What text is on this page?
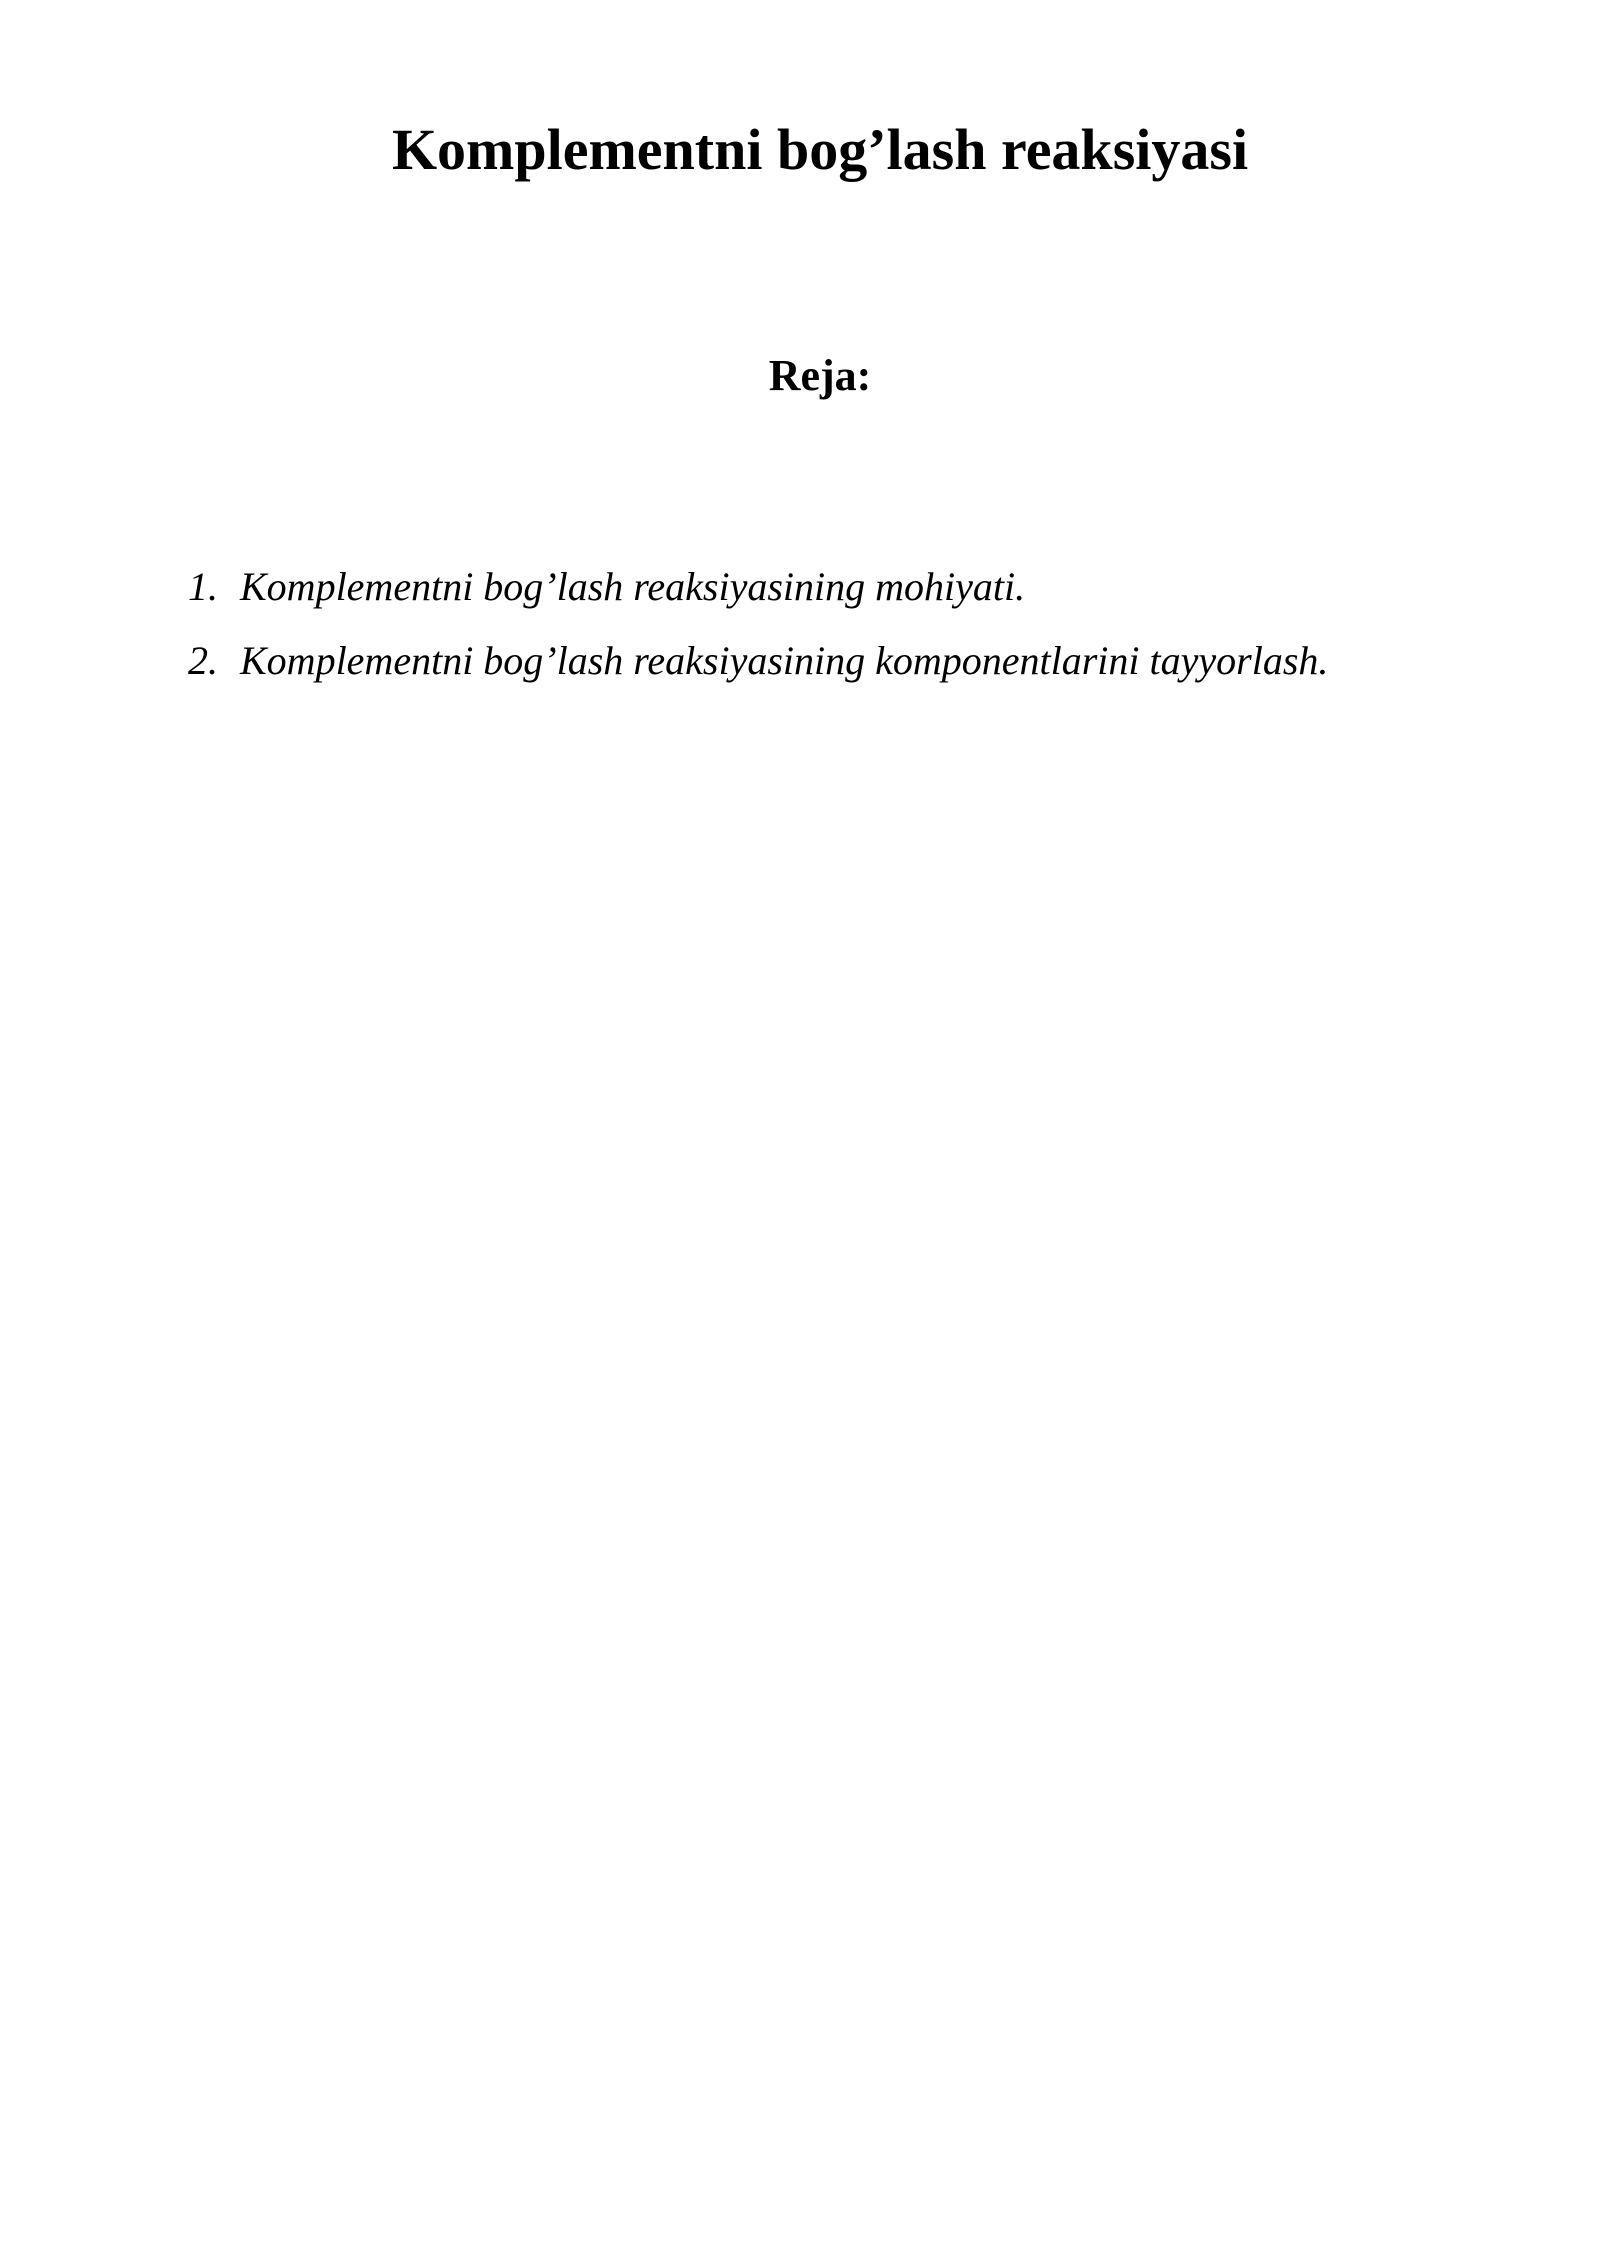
Komplementni bog’lash reaksiyasi
Reja:
1. Komplementni bog’lash reaksiyasining mohiyati.
2. Komplementni bog’lash reaksiyasining komponentlarini tayyorlash.
